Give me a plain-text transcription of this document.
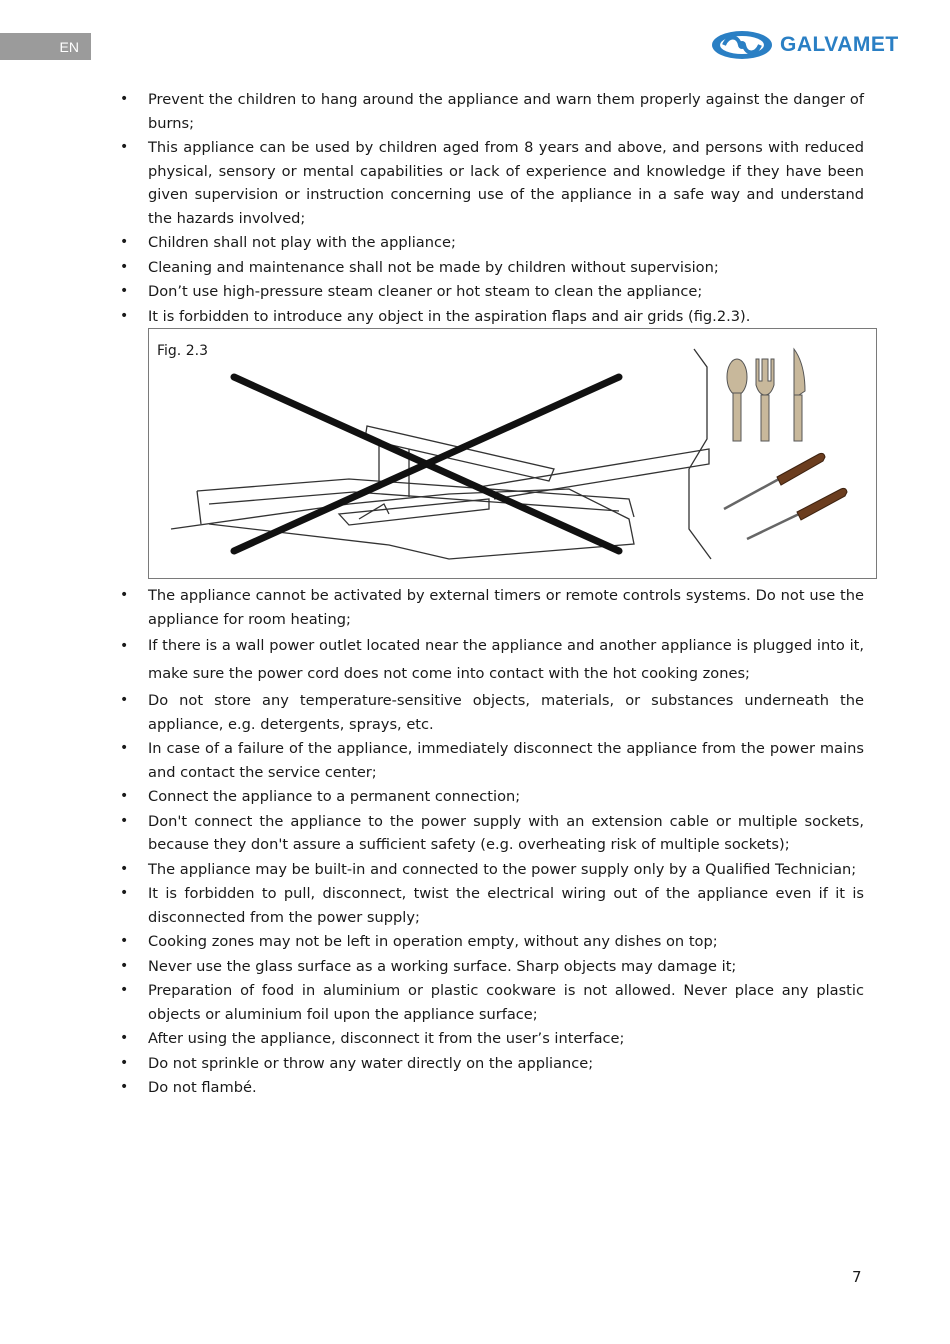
EN	GALVAMET
• Prevent the children to hang around the appliance and warn them properly against the danger of burns;
• This appliance can be used by children aged from 8 years and above, and persons with reduced physical, sensory or mental capabilities or lack of experience and knowledge if they have been given supervision or instruction concerning use of the appliance in a safe way and understand the hazards involved;
• Children shall not play with the appliance;
• Cleaning and maintenance shall not be made by children without supervision;
• Don’t use high-pressure steam cleaner or hot steam to clean the appliance;
• It is forbidden to introduce any object in the aspiration flaps and air grids (fig.2.3).
Fig. 2.3
• The appliance cannot be activated by external timers or remote controls systems. Do not use the appliance for room heating;
• If there is a wall power outlet located near the appliance and another appliance is plugged into it, make sure the power cord does not come into contact with the hot cooking zones;
• Do not store any temperature-sensitive objects, materials, or substances underneath the appliance, e.g. detergents, sprays, etc.
• In case of a failure of the appliance, immediately disconnect the appliance from the power mains and contact the service center;
• Connect the appliance to a permanent connection;
• Don't connect the appliance to the power supply with an extension cable or multiple sockets, because they don't assure a sufficient safety (e.g. overheating risk of multiple sockets);
• The appliance may be built-in and connected to the power supply only by a Qualified Technician;
• It is forbidden to pull, disconnect, twist the electrical wiring out of the appliance even if it is disconnected from the power supply;
• Cooking zones may not be left in operation empty, without any dishes on top;
• Never use the glass surface as a working surface. Sharp objects may damage it;
• Preparation of food in aluminium or plastic cookware is not allowed. Never place any plastic objects or aluminium foil upon the appliance surface;
• After using the appliance, disconnect it from the user’s interface;
• Do not sprinkle or throw any water directly on the appliance;
• Do not flambé.
7
